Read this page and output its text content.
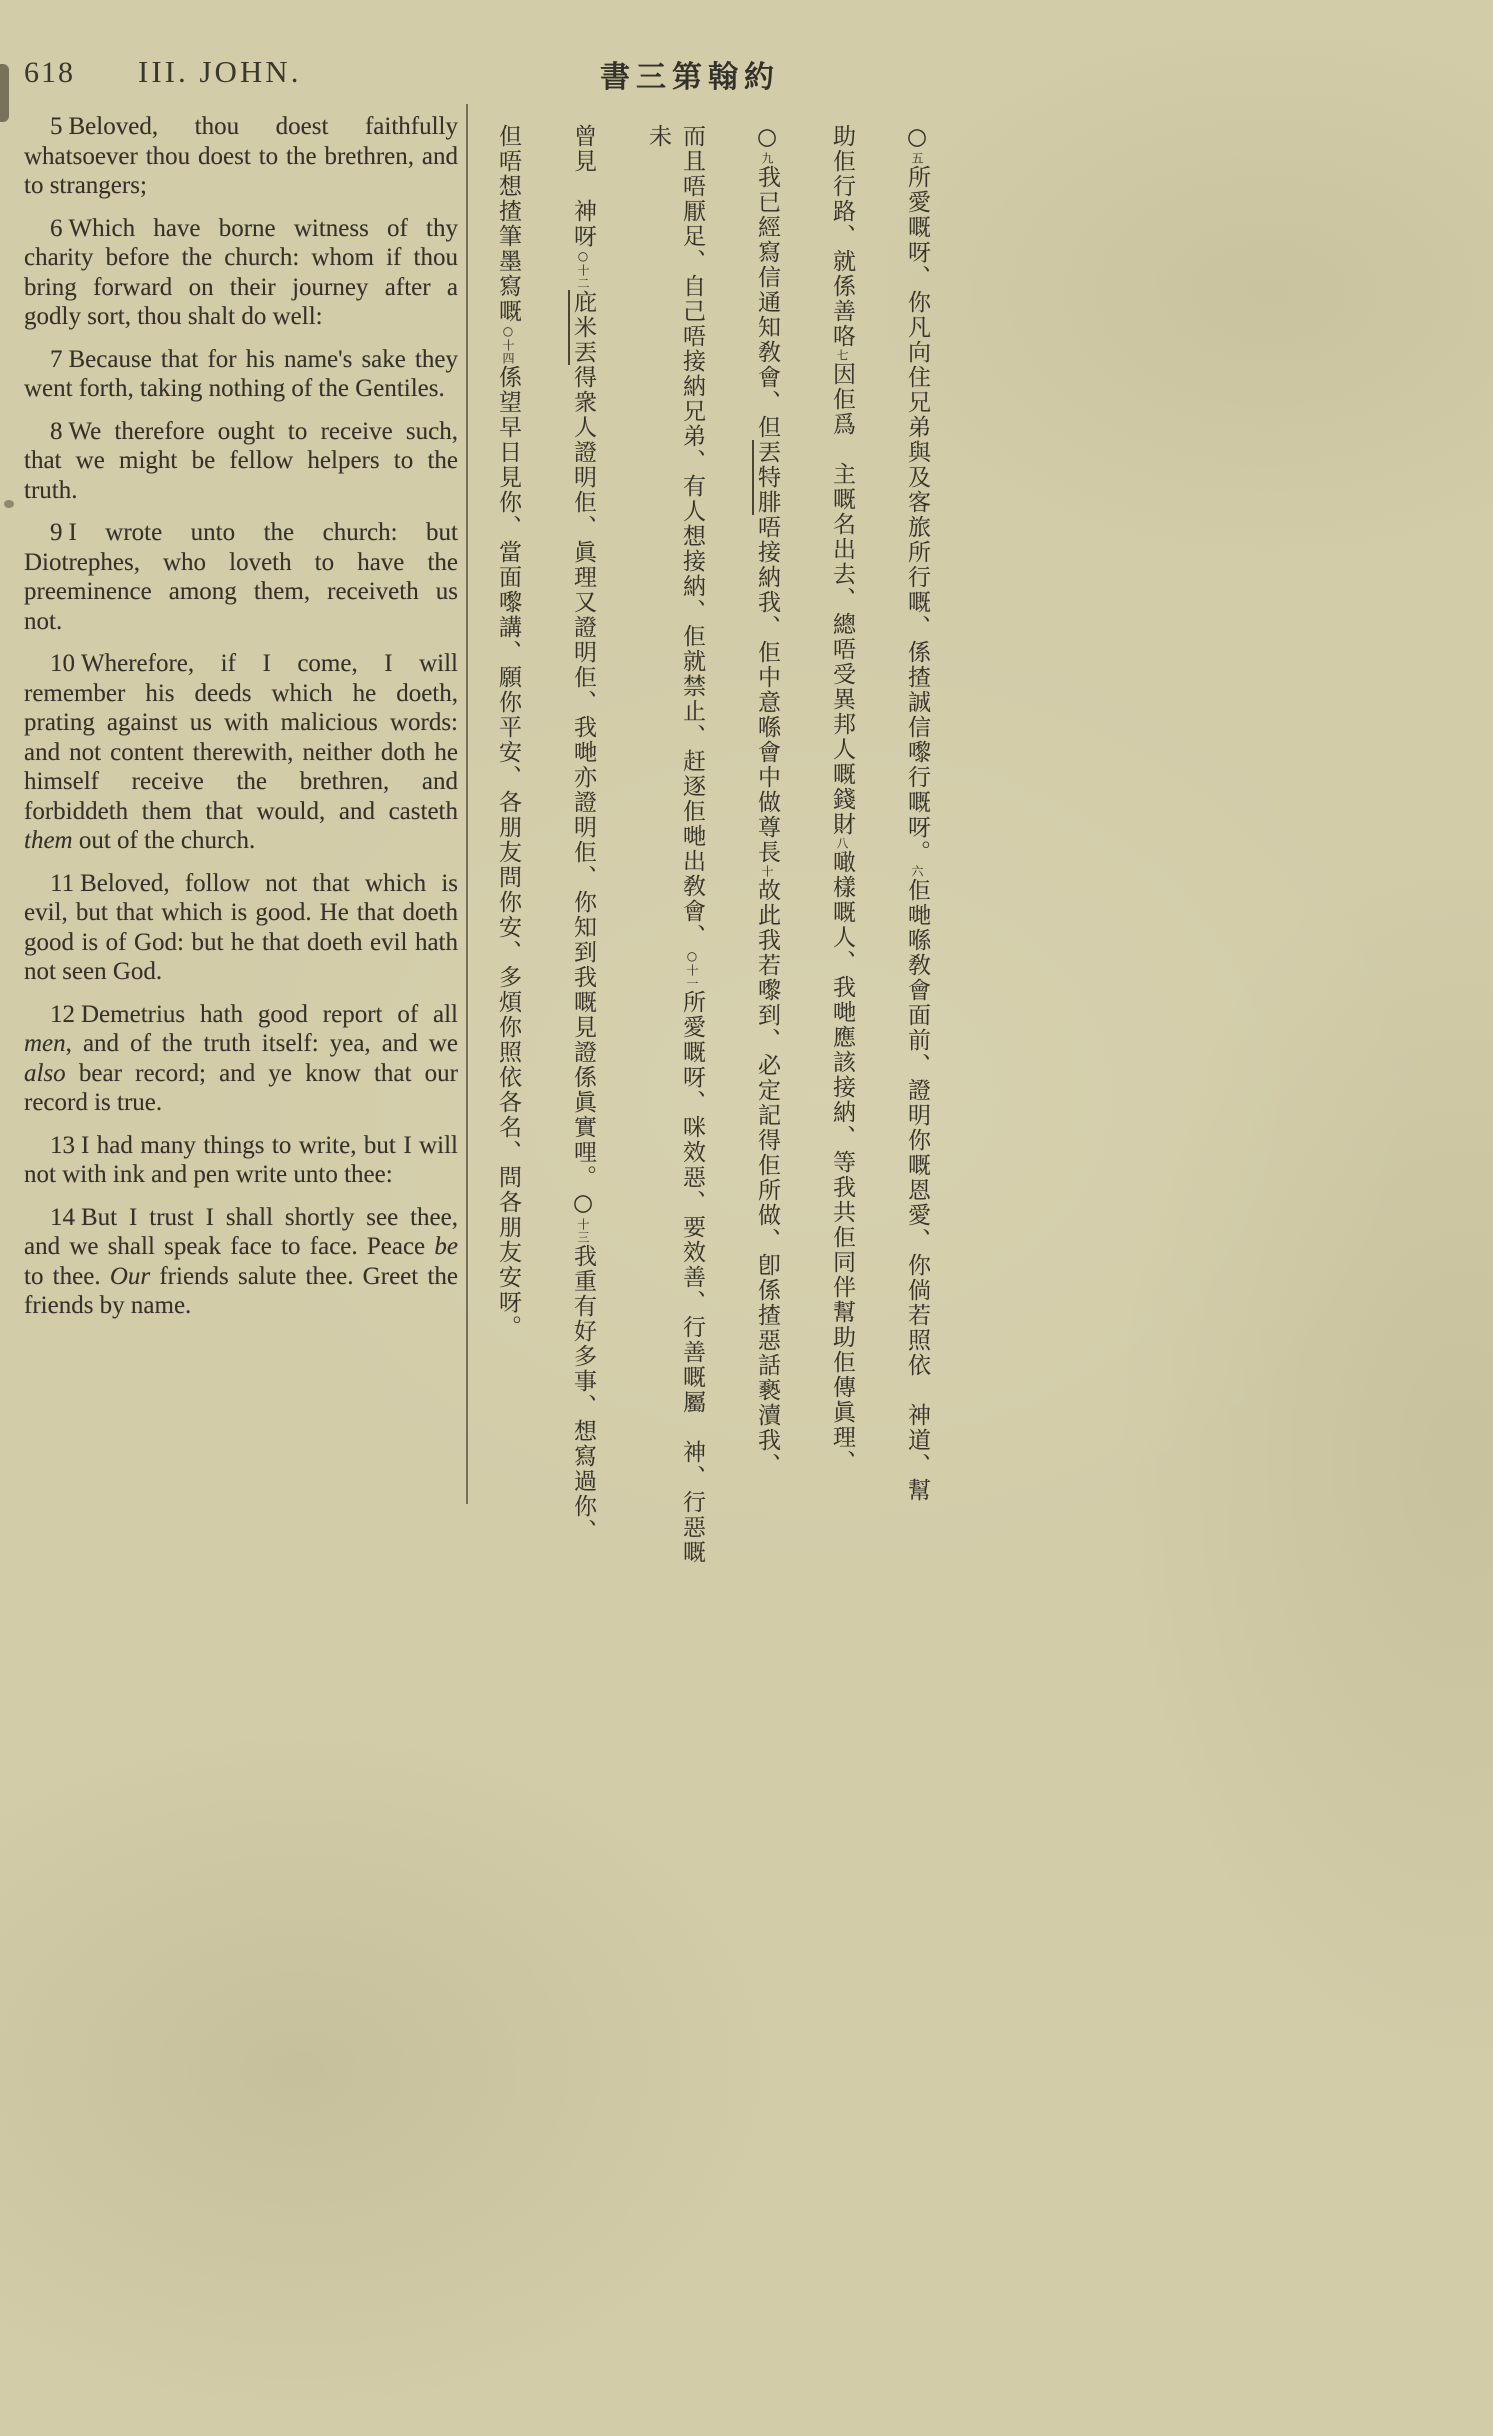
618 III. JOHN.	書三第翰約

5 Beloved, thou doest faithfully whatsoever thou doest to the brethren, and to strangers;

6 Which have borne witness of thy charity before the church: whom if thou bring forward on their journey after a godly sort, thou shalt do well:

7 Because that for his name's sake they went forth, taking nothing of the Gentiles.

8 We therefore ought to receive such, that we might be fellow helpers to the truth.

9 I wrote unto the church: but Diotrephes, who loveth to have the preeminence among them, receiveth us not.

10 Wherefore, if I come, I will remember his deeds which he doeth, prating against us with malicious words: and not content therewith, neither doth he himself receive the brethren, and forbiddeth them that would, and casteth them out of the church.

11 Beloved, follow not that which is evil, but that which is good. He that doeth good is of God: but he that doeth evil hath not seen God.

12 Demetrius hath good report of all men, and of the truth itself: yea, and we also bear record; and ye know that our record is true.

13 I had many things to write, but I will not with ink and pen write unto thee:

14 But I trust I shall shortly see thee, and we shall speak face to face. Peace be to thee. Our friends salute thee. Greet the friends by name.

○五所愛嘅呀、你凡向住兄弟與及客旅所行嘅、係揸誠信嚟行嘅呀。六佢哋喺敎會面前、證明你嘅恩愛、你倘若照依　神道、幫
助佢行路、就係善咯七因佢爲　主嘅名出去、總唔受異邦人嘅錢財八噉樣嘅人、我哋應該接納、等我共佢同伴幫助佢傳眞理、
○九我已經寫信通知敎會、但丟特腓唔接納我、佢中意喺會中做尊長十故此我若嚟到、必定記得佢所做、卽係揸惡話褻瀆我、
而且唔厭足、自己唔接納兄弟、有人想接納、佢就禁止、赶逐佢哋出敎會、○十一所愛嘅呀、咪效惡、要效善、行善嘅屬　神、行惡嘅未
曾見　神呀○十二庇米丟得衆人證明佢、眞理又證明佢、我哋亦證明佢、你知到我嘅見證係眞實哩。○十三我重有好多事、想寫過你、
但唔想揸筆墨寫嘅○十四係望早日見你、當面嚟講、願你平安、各朋友問你安、多煩你照依各名、問各朋友安呀。
